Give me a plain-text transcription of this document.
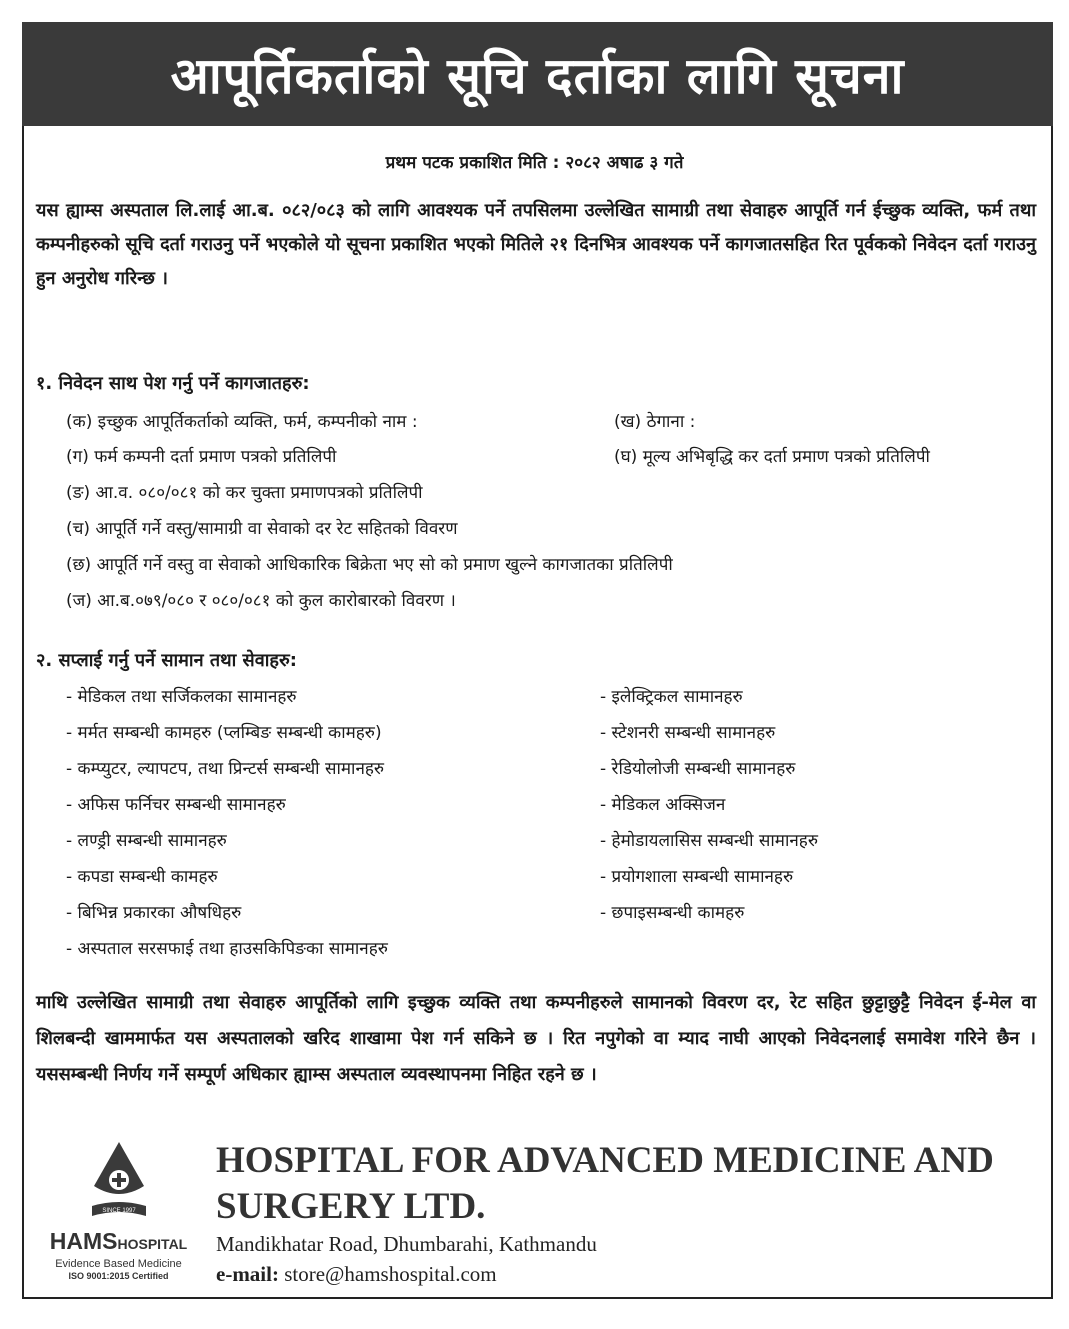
आपूर्तिकर्ताको सूचि दर्ताका लागि सूचना
प्रथम पटक प्रकाशित मिति : २०८२ अषाढ ३ गते
यस ह्याम्स अस्पताल लि.लाई आ.ब. ०८२/०८३ को लागि आवश्यक पर्ने तपसिलमा उल्लेखित सामाग्री तथा सेवाहरु आपूर्ति गर्न ईच्छुक व्यक्ति, फर्म तथा कम्पनीहरुको सूचि दर्ता गराउनु पर्ने भएकोले यो सूचना प्रकाशित भएको मितिले २१ दिनभित्र आवश्यक पर्ने कागजातसहित रित पूर्वकको निवेदन दर्ता गराउनु हुन अनुरोध गरिन्छ ।
१. निवेदन साथ पेश गर्नु पर्ने कागजातहरु:
(क) इच्छुक आपूर्तिकर्ताको व्यक्ति, फर्म, कम्पनीको नाम :	(ख) ठेगाना :
(ग) फर्म कम्पनी दर्ता प्रमाण पत्रको प्रतिलिपी	(घ) मूल्य अभिबृद्धि कर दर्ता प्रमाण पत्रको प्रतिलिपी
(ङ) आ.व. ०८०/०८१ को कर चुक्ता प्रमाणपत्रको प्रतिलिपी
(च) आपूर्ति गर्ने वस्तु/सामाग्री वा सेवाको दर रेट सहितको विवरण
(छ) आपूर्ति गर्ने वस्तु वा सेवाको आधिकारिक बिक्रेता भए सो को प्रमाण खुल्ने कागजातका प्रतिलिपी
(ज) आ.ब.०७९/०८० र ०८०/०८१ को कुल कारोबारको विवरण ।
२. सप्लाई गर्नु पर्ने सामान तथा सेवाहरु:
- मेडिकल तथा सर्जिकलका सामानहरु
- मर्मत सम्बन्धी कामहरु (प्लम्बिङ सम्बन्धी कामहरु)
- कम्प्युटर, ल्यापटप, तथा प्रिन्टर्स सम्बन्धी सामानहरु
- अफिस फर्निचर सम्बन्धी सामानहरु
- लण्ड्री सम्बन्धी सामानहरु
- कपडा सम्बन्धी कामहरु
- बिभिन्न प्रकारका औषधिहरु
- अस्पताल सरसफाई तथा हाउसकिपिङका सामानहरु
- इलेक्ट्रिकल सामानहरु
- स्टेशनरी सम्बन्धी सामानहरु
- रेडियोलोजी सम्बन्धी सामानहरु
- मेडिकल अक्सिजन
- हेमोडायलासिस सम्बन्धी सामानहरु
- प्रयोगशाला सम्बन्धी सामानहरु
- छपाइसम्बन्धी कामहरु
माथि उल्लेखित सामाग्री तथा सेवाहरु आपूर्तिको लागि इच्छुक व्यक्ति तथा कम्पनीहरुले सामानको विवरण दर, रेट सहित छुट्टाछुट्टै निवेदन ई-मेल वा शिलबन्दी खाममार्फत यस अस्पतालको खरिद शाखामा पेश गर्न सकिने छ । रित नपुगेको वा म्याद नाघी आएको निवेदनलाई समावेश गरिने छैन । यससम्बन्धी निर्णय गर्ने सम्पूर्ण अधिकार ह्याम्स अस्पताल व्यवस्थापनमा निहित रहने छ ।
SINCE 1997
HAMSHOSPITAL
Evidence Based Medicine
ISO 9001:2015 Certified
HOSPITAL FOR ADVANCED MEDICINE AND SURGERY LTD.
Mandikhatar Road, Dhumbarahi, Kathmandu
e-mail: store@hamshospital.com
